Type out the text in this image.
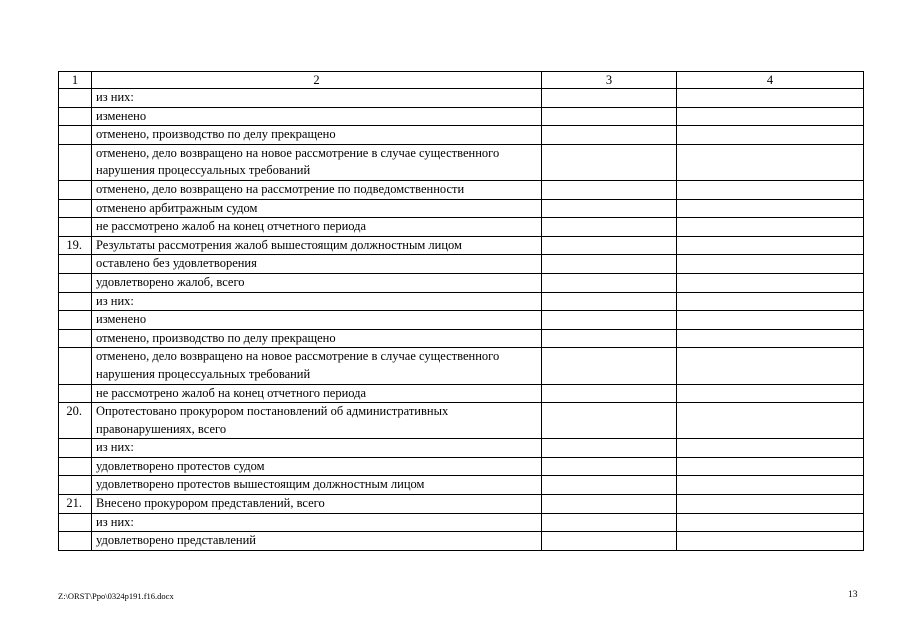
1	2	3	4
	из них:		
	изменено		
	отменено, производство по делу прекращено		
	отменено, дело возвращено на новое рассмотрение в случае существенного нарушения процессуальных требований		
	отменено, дело возвращено на рассмотрение по подведомственности		
	отменено арбитражным судом		
	не рассмотрено жалоб на конец отчетного периода		
19.	Результаты рассмотрения жалоб вышестоящим должностным лицом		
	оставлено без удовлетворения		
	удовлетворено жалоб, всего		
	из них:		
	изменено		
	отменено, производство по делу прекращено		
	отменено, дело возвращено на новое рассмотрение в случае существенного нарушения процессуальных требований		
	не рассмотрено жалоб на конец отчетного периода		
20.	Опротестовано прокурором постановлений об административных правонарушениях, всего		
	из них:		
	удовлетворено протестов судом		
	удовлетворено протестов вышестоящим должностным лицом		
21.	Внесено прокурором представлений, всего		
	из них:		
	удовлетворено представлений		
Z:\ORST\Ppo\0324p191.f16.docx	13
